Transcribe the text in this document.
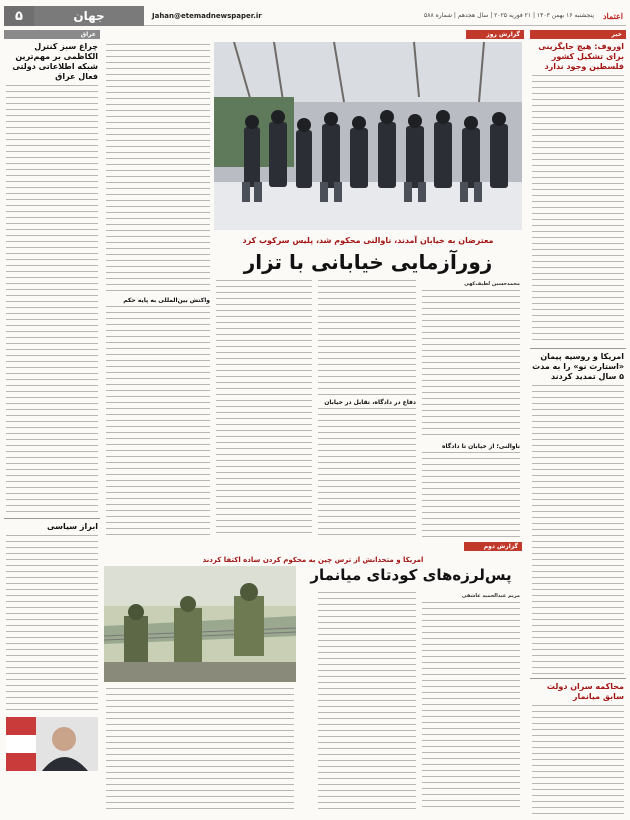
۵	جهان	Jahan@etemadnewspaper.ir	پنجشنبه ۱۶ بهمن ۱۴۰۳ | ۲۱ فوریه ۲۰۲۵ | سال هجدهم | شماره ۵۸۸	اعتماد
خبر
اوروف: هیچ جایگزینی برای تشکیل کشور فلسطین وجود ندارد
امریکا و روسیه پیمان «استارت نو» را به مدت ۵ سال تمدید کردند
محاکمه سران دولت سابق میانمار
گزارش روز
معترضان به خیابان آمدند، ناوالنی محکوم شد، پلیس سرکوب کرد
زورآزمایی خیابانی با تزار
محمدحسین لطیف‌کهی
ناوالنی؛ از خیابان تا دادگاه
دفاع در دادگاه، تقابل در خیابان
واکنش بین‌المللی به پایه حکم
گزارش دوم
امریکا و متحدانش از ترس چین به محکوم کردن ساده اکتفا کردند
پس‌لرزه‌های کودتای میانمار
مریم عبدالحمید عاشقی
عراق
چراغ سبز کنترل الکاظمی بر مهم‌ترین شبکه اطلاعاتی دولتی فعال عراق
ابراز سیاسی
